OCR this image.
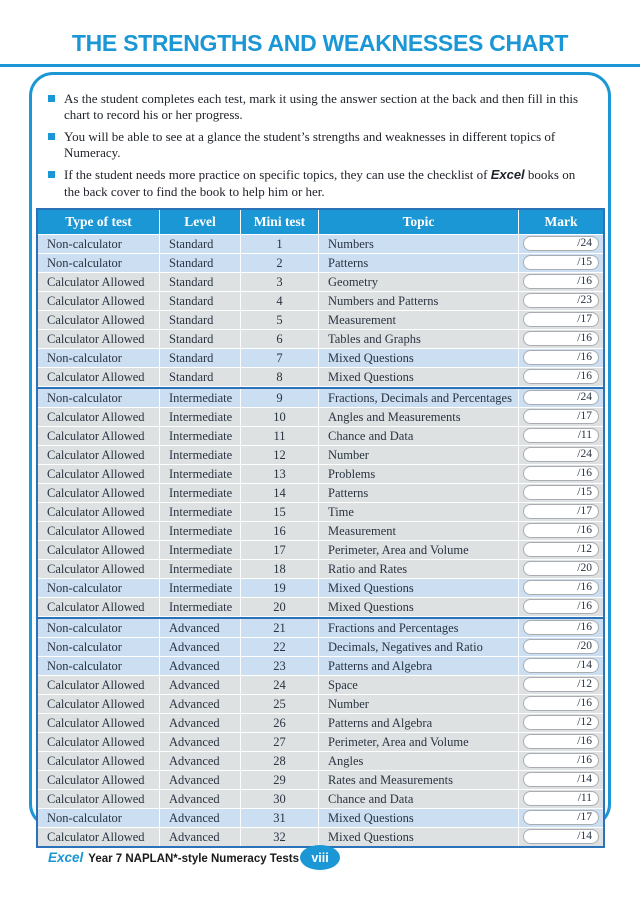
THE STRENGTHS AND WEAKNESSES CHART
As the student completes each test, mark it using the answer section at the back and then fill in this chart to record his or her progress.
You will be able to see at a glance the student’s strengths and weaknesses in different topics of Numeracy.
If the student needs more practice on specific topics, they can use the checklist of Excel books on the back cover to find the book to help him or her.
Type of test	Level	Mini test	Topic	Mark
Non-calculator	Standard	1	Numbers	/24
Non-calculator	Standard	2	Patterns	/15
Calculator Allowed	Standard	3	Geometry	/16
Calculator Allowed	Standard	4	Numbers and Patterns	/23
Calculator Allowed	Standard	5	Measurement	/17
Calculator Allowed	Standard	6	Tables and Graphs	/16
Non-calculator	Standard	7	Mixed Questions	/16
Calculator Allowed	Standard	8	Mixed Questions	/16
Non-calculator	Intermediate	9	Fractions, Decimals and Percentages	/24
Calculator Allowed	Intermediate	10	Angles and Measurements	/17
Calculator Allowed	Intermediate	11	Chance and Data	/11
Calculator Allowed	Intermediate	12	Number	/24
Calculator Allowed	Intermediate	13	Problems	/16
Calculator Allowed	Intermediate	14	Patterns	/15
Calculator Allowed	Intermediate	15	Time	/17
Calculator Allowed	Intermediate	16	Measurement	/16
Calculator Allowed	Intermediate	17	Perimeter, Area and Volume	/12
Calculator Allowed	Intermediate	18	Ratio and Rates	/20
Non-calculator	Intermediate	19	Mixed Questions	/16
Calculator Allowed	Intermediate	20	Mixed Questions	/16
Non-calculator	Advanced	21	Fractions and Percentages	/16
Non-calculator	Advanced	22	Decimals, Negatives and Ratio	/20
Non-calculator	Advanced	23	Patterns and Algebra	/14
Calculator Allowed	Advanced	24	Space	/12
Calculator Allowed	Advanced	25	Number	/16
Calculator Allowed	Advanced	26	Patterns and Algebra	/12
Calculator Allowed	Advanced	27	Perimeter, Area and Volume	/16
Calculator Allowed	Advanced	28	Angles	/16
Calculator Allowed	Advanced	29	Rates and Measurements	/14
Calculator Allowed	Advanced	30	Chance and Data	/11
Non-calculator	Advanced	31	Mixed Questions	/17
Calculator Allowed	Advanced	32	Mixed Questions	/14
Excel Year 7 NAPLAN*-style Numeracy Tests viii
